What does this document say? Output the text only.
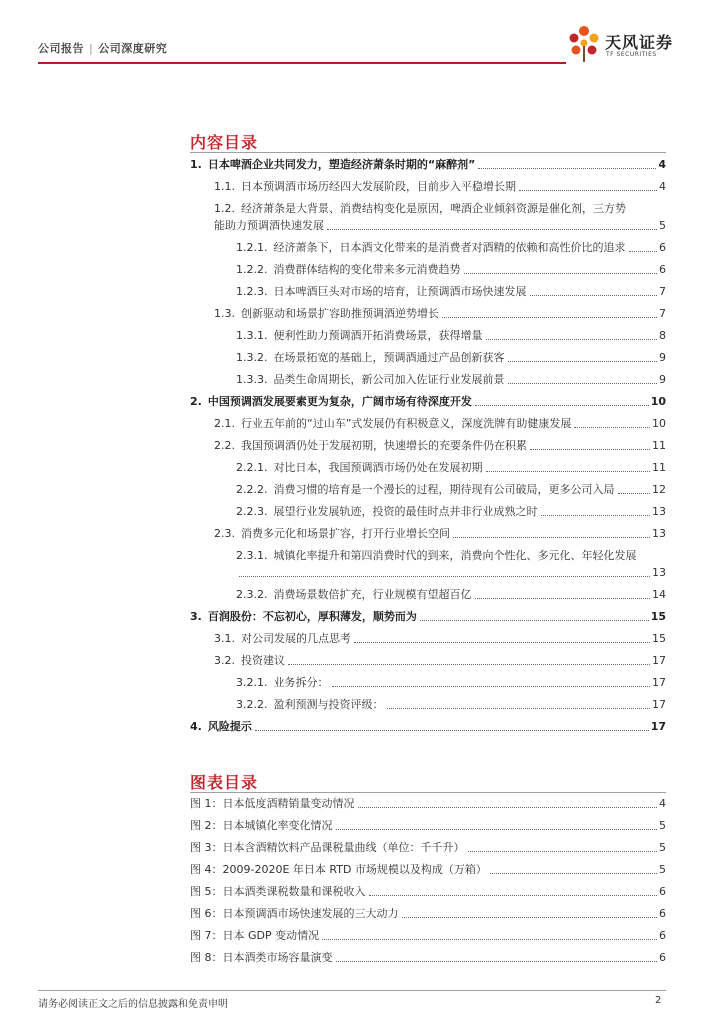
公司报告 | 公司深度研究	天风证券
TF SECURITIES
内容目录
1. 日本啤酒企业共同发力，塑造经济萧条时期的“麻醉剂”	4
1.1. 日本预调酒市场历经四大发展阶段，目前步入平稳增长期	4
1.2. 经济萧条是大背景、消费结构变化是原因，啤酒企业倾斜资源是催化剂，三方势
能助力预调酒快速发展	5
1.2.1. 经济萧条下，日本酒文化带来的是消费者对酒精的依赖和高性价比的追求	6
1.2.2. 消费群体结构的变化带来多元消费趋势	6
1.2.3. 日本啤酒巨头对市场的培育，让预调酒市场快速发展	7
1.3. 创新驱动和场景扩容助推预调酒逆势增长	7
1.3.1. 便利性助力预调酒开拓消费场景，获得增量	8
1.3.2. 在场景拓宽的基础上，预调酒通过产品创新获客	9
1.3.3. 品类生命周期长，新公司加入佐证行业发展前景	9
2. 中国预调酒发展要素更为复杂，广阔市场有待深度开发	10
2.1. 行业五年前的“过山车”式发展仍有积极意义，深度洗牌有助健康发展	10
2.2. 我国预调酒仍处于发展初期，快速增长的充要条件仍在积累	11
2.2.1. 对比日本，我国预调酒市场仍处在发展初期	11
2.2.2. 消费习惯的培育是一个漫长的过程，期待现有公司破局，更多公司入局	12
2.2.3. 展望行业发展轨迹，投资的最佳时点并非行业成熟之时	13
2.3. 消费多元化和场景扩容，打开行业增长空间	13
2.3.1. 城镇化率提升和第四消费时代的到来，消费向个性化、多元化、年轻化发展
13
2.3.2. 消费场景数倍扩充，行业规模有望超百亿	14
3. 百润股份：不忘初心，厚积薄发，顺势而为	15
3.1. 对公司发展的几点思考	15
3.2. 投资建议	17
3.2.1. 业务拆分：	17
3.2.2. 盈利预测与投资评级：	17
4. 风险提示	17
图表目录
图 1：日本低度酒精销量变动情况	4
图 2：日本城镇化率变化情况	5
图 3：日本含酒精饮料产品课税量曲线（单位：千千升）	5
图 4：2009-2020E 年日本 RTD 市场规模以及构成（万箱）	5
图 5：日本酒类课税数量和课税收入	6
图 6：日本预调酒市场快速发展的三大动力	6
图 7：日本 GDP 变动情况	6
图 8：日本酒类市场容量演变	6
请务必阅读正文之后的信息披露和免责申明	2
